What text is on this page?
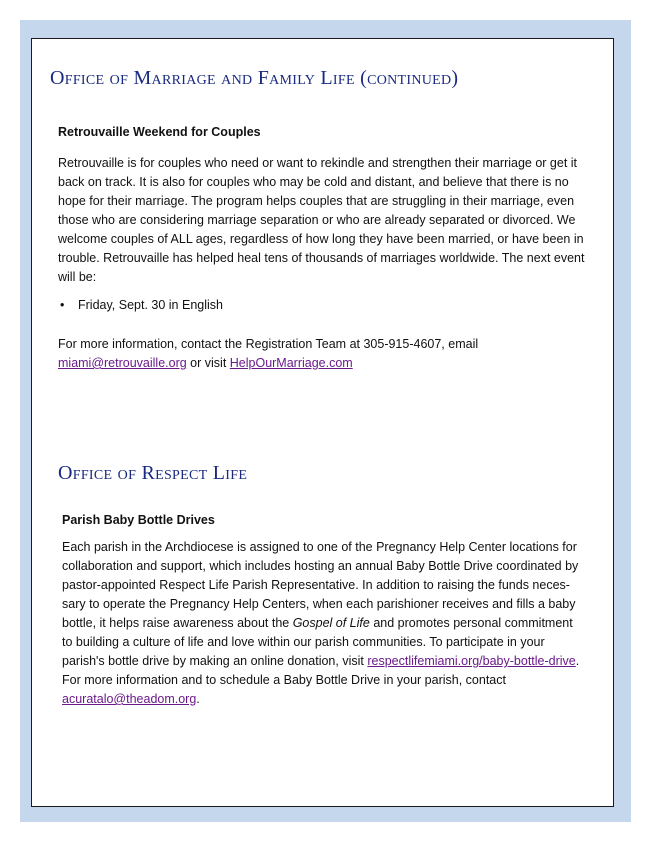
Office of Marriage and Family Life (continued)

Retrouvaille Weekend for Couples

Retrouvaille is for couples who need or want to rekindle and strengthen their marriage or get it back on track. It is also for couples who may be cold and distant, and believe that there is no hope for their marriage. The program helps couples that are struggling in their marriage, even those who are considering marriage separation or who are already separated or divorced. We welcome couples of ALL ages, regardless of how long they have been married, or have been in trouble. Retrouvaille has helped heal tens of thousands of marriages worldwide. The next event will be:

• Friday, Sept. 30 in English

For more information, contact the Registration Team at 305-915-4607, email miami@retrouvaille.org or visit HelpOurMarriage.com

Office of Respect Life

Parish Baby Bottle Drives

Each parish in the Archdiocese is assigned to one of the Pregnancy Help Center locations for collaboration and support, which includes hosting an annual Baby Bottle Drive coordinated by pastor-appointed Respect Life Parish Representative. In addition to raising the funds necessary to operate the Pregnancy Help Centers, when each parishioner receives and fills a baby bottle, it helps raise awareness about the Gospel of Life and promotes personal commitment to building a culture of life and love within our parish communities. To participate in your parish's bottle drive by making an online donation, visit respectlifemiami.org/baby-bottle-drive. For more information and to schedule a Baby Bottle Drive in your parish, contact acuratalo@theadom.org.
